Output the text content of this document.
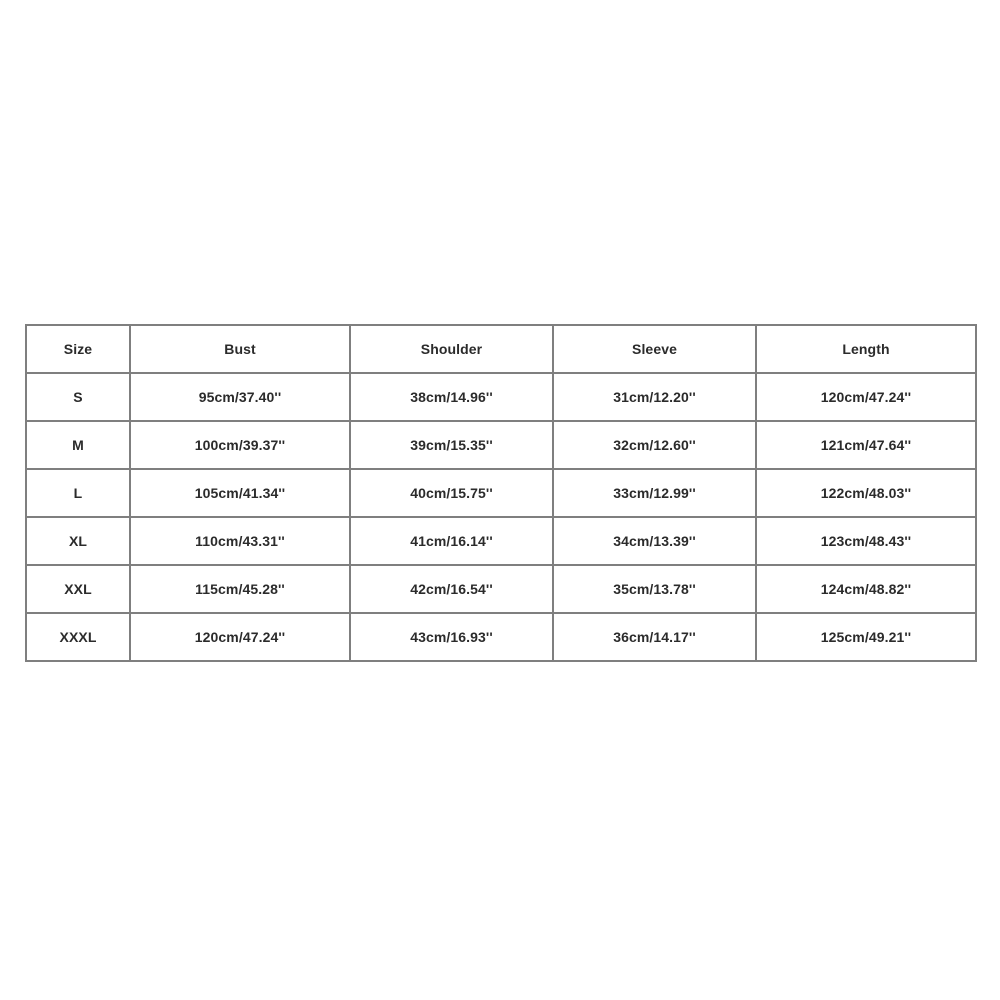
Size	Bust	Shoulder	Sleeve	Length
S	95cm/37.40''	38cm/14.96''	31cm/12.20''	120cm/47.24''
M	100cm/39.37''	39cm/15.35''	32cm/12.60''	121cm/47.64''
L	105cm/41.34''	40cm/15.75''	33cm/12.99''	122cm/48.03''
XL	110cm/43.31''	41cm/16.14''	34cm/13.39''	123cm/48.43''
XXL	115cm/45.28''	42cm/16.54''	35cm/13.78''	124cm/48.82''
XXXL	120cm/47.24''	43cm/16.93''	36cm/14.17''	125cm/49.21''
